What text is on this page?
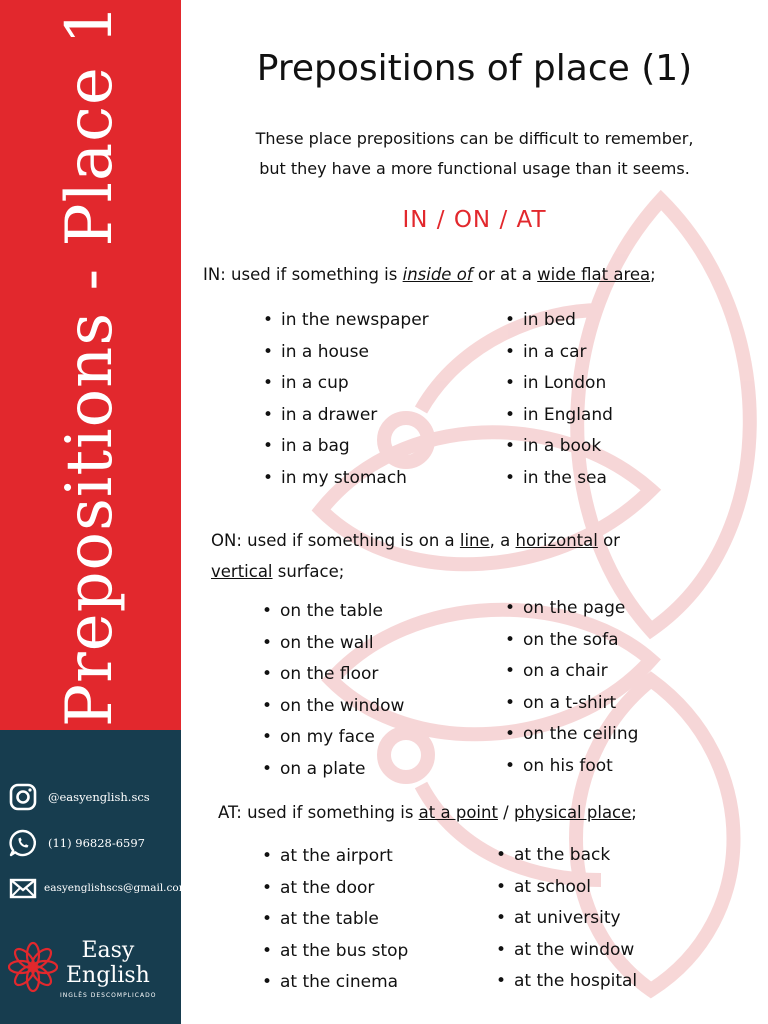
Prepositions - Place 1
@easyenglish.scs
(11) 96828-6597
easyenglishscs@gmail.com
Easy
English
INGLÊS DESCOMPLICADO
Prepositions of place (1)
These place prepositions can be difficult to remember,
but they have a more functional usage than it seems.
IN / ON / AT
IN: used if something is inside of or at a wide flat area;
• in the newspaper
• in a house
• in a cup
• in a drawer
• in a bag
• in my stomach
• in bed
• in a car
• in London
• in England
• in a book
• in the sea
ON: used if something is on a line, a horizontal or
vertical surface;
• on the table
• on the wall
• on the floor
• on the window
• on my face
• on a plate
• on the page
• on the sofa
• on a chair
• on a t-shirt
• on the ceiling
• on his foot
AT: used if something is at a point / physical place;
• at the airport
• at the door
• at the table
• at the bus stop
• at the cinema
• at the back
• at school
• at university
• at the window
• at the hospital
